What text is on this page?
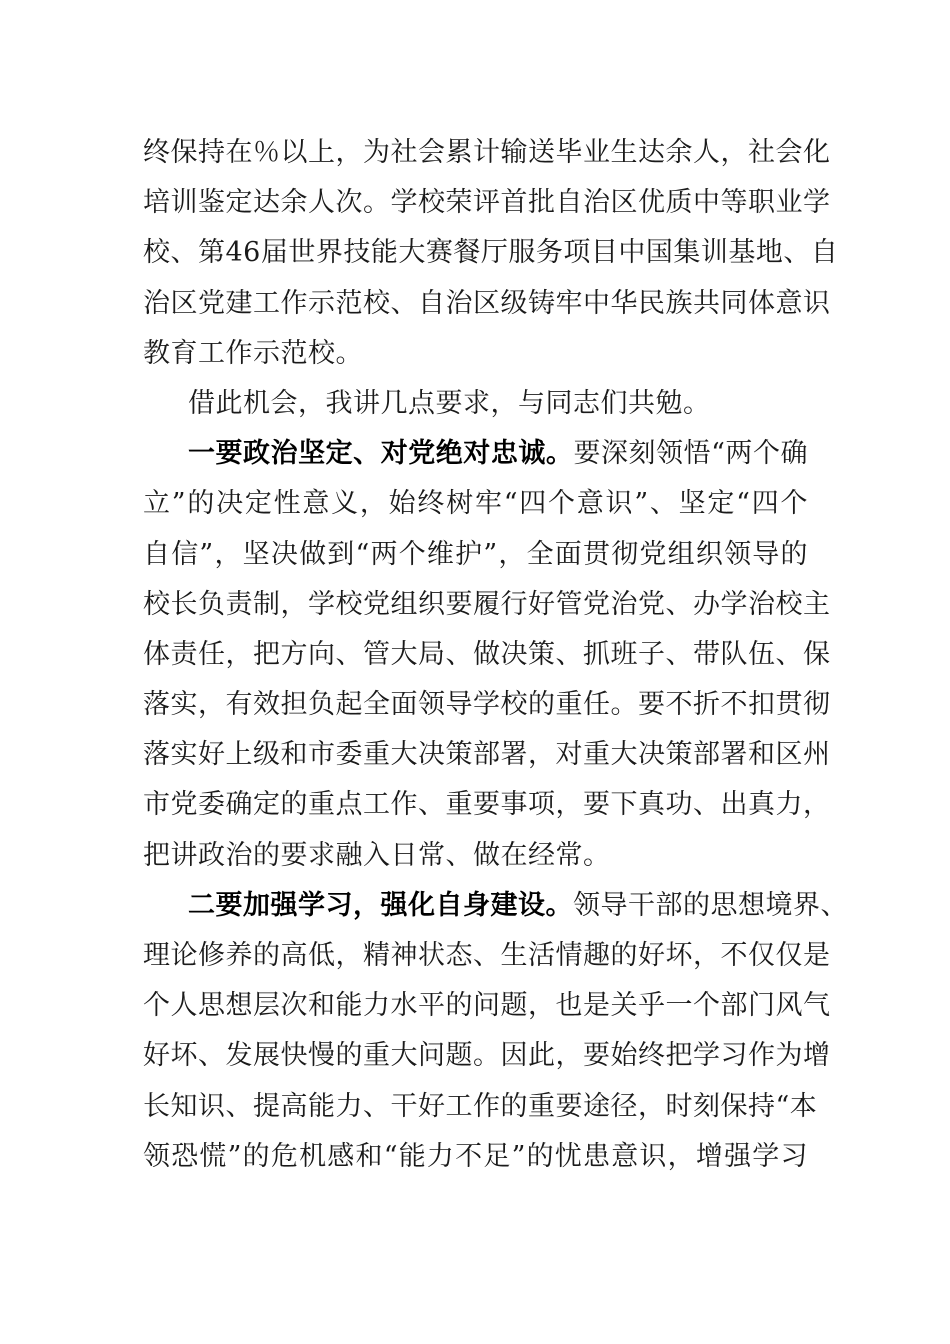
终保持在％以上，为社会累计输送毕业生达余人，社会化
培训鉴定达余人次。学校荣评首批自治区优质中等职业学
校、第46届世界技能大赛餐厅服务项目中国集训基地、自
治区党建工作示范校、自治区级铸牢中华民族共同体意识
教育工作示范校。
借此机会，我讲几点要求，与同志们共勉。
一要政治坚定、对党绝对忠诚。要深刻领悟“两个确
立”的决定性意义，始终树牢“四个意识”、坚定“四个
自信”，坚决做到“两个维护”，全面贯彻党组织领导的
校长负责制，学校党组织要履行好管党治党、办学治校主
体责任，把方向、管大局、做决策、抓班子、带队伍、保
落实，有效担负起全面领导学校的重任。要不折不扣贯彻
落实好上级和市委重大决策部署，对重大决策部署和区州
市党委确定的重点工作、重要事项，要下真功、出真力，
把讲政治的要求融入日常、做在经常。
二要加强学习，强化自身建设。领导干部的思想境界、
理论修养的高低，精神状态、生活情趣的好坏，不仅仅是
个人思想层次和能力水平的问题，也是关乎一个部门风气
好坏、发展快慢的重大问题。因此，要始终把学习作为增
长知识、提高能力、干好工作的重要途径，时刻保持“本
领恐慌”的危机感和“能力不足”的忧患意识，增强学习
